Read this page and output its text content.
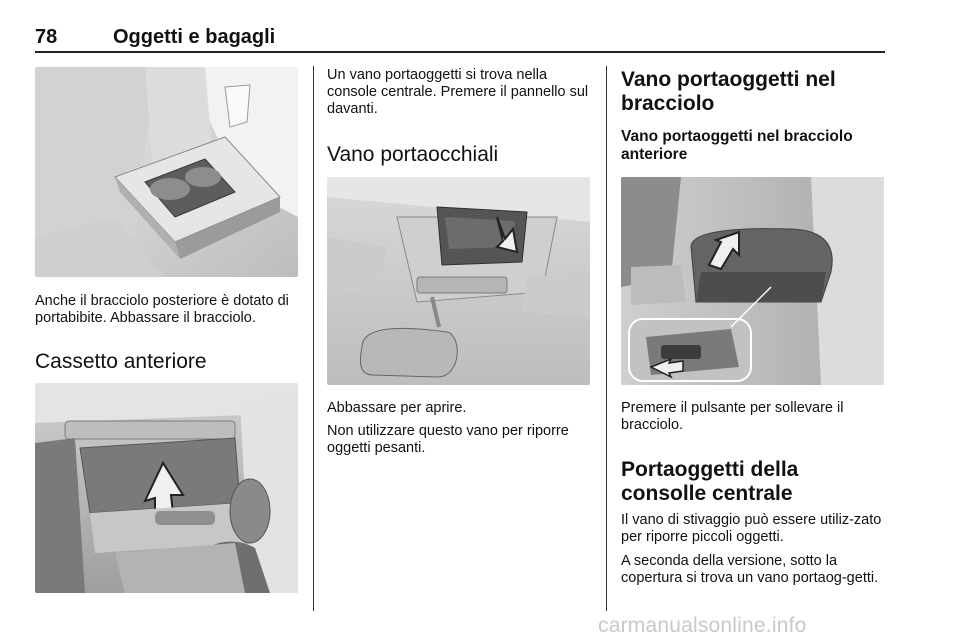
78	Oggetti e bagagli

Anche il bracciolo posteriore è dotato di portabibite. Abbassare il bracciolo.

Cassetto anteriore

Un vano portaoggetti si trova nella console centrale. Premere il pannello sul davanti.

Vano portaocchiali

Abbassare per aprire.

Non utilizzare questo vano per riporre oggetti pesanti.

Vano portaoggetti nel bracciolo
Vano portaoggetti nel bracciolo anteriore

Premere il pulsante per sollevare il bracciolo.

Portaoggetti della consolle centrale

Il vano di stivaggio può essere utiliz-zato per riporre piccoli oggetti.

A seconda della versione, sotto la copertura si trova un vano portaog-getti.

carmanualsonline.info
